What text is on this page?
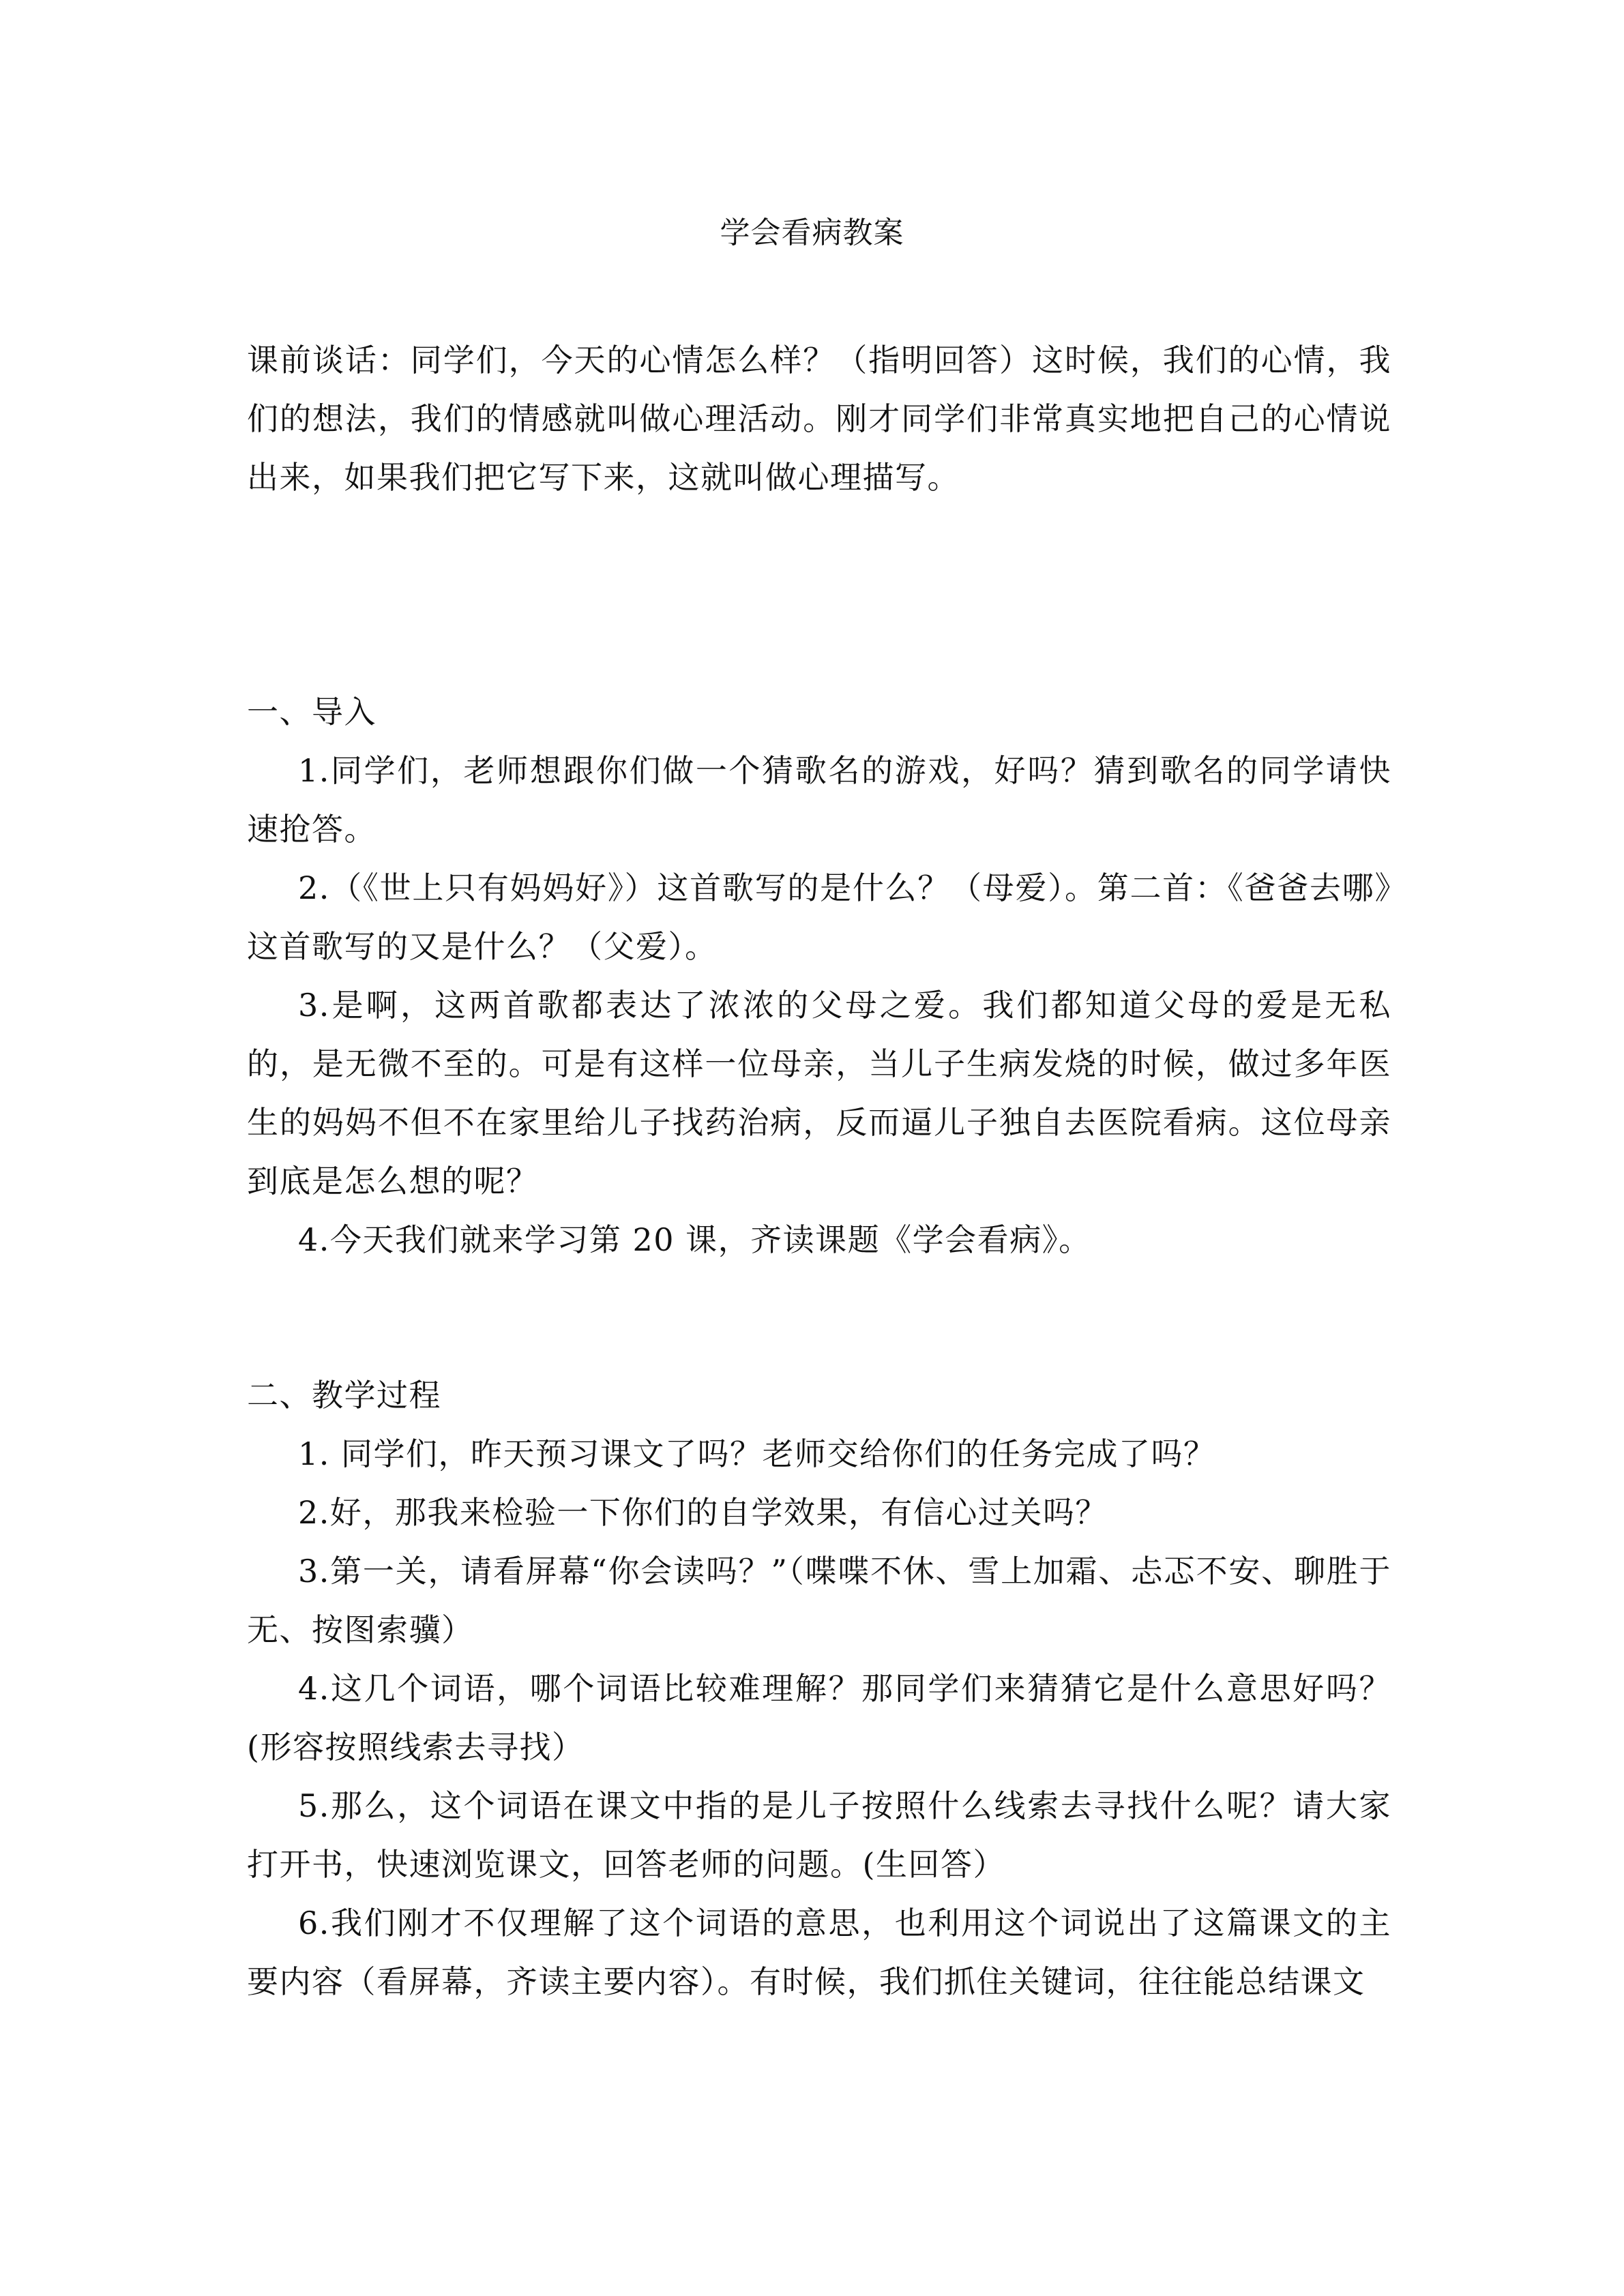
学会看病教案

课前谈话：同学们，今天的心情怎么样？（指明回答）这时候，我们的心情，我们的想法，我们的情感就叫做心理活动。刚才同学们非常真实地把自己的心情说出来，如果我们把它写下来，这就叫做心理描写。

一、导入

1.同学们，老师想跟你们做一个猜歌名的游戏，好吗？猜到歌名的同学请快速抢答。

2.（《世上只有妈妈好》）这首歌写的是什么？（母爱）。第二首：《爸爸去哪》这首歌写的又是什么？（父爱）。

3.是啊，这两首歌都表达了浓浓的父母之爱。我们都知道父母的爱是无私的，是无微不至的。可是有这样一位母亲，当儿子生病发烧的时候，做过多年医生的妈妈不但不在家里给儿子找药治病，反而逼儿子独自去医院看病。这位母亲到底是怎么想的呢？

4.今天我们就来学习第 20 课，齐读课题《学会看病》。

二、教学过程

1. 同学们，昨天预习课文了吗？老师交给你们的任务完成了吗？

2.好，那我来检验一下你们的自学效果，有信心过关吗？

3.第一关，请看屏幕“你会读吗？”（喋喋不休、雪上加霜、忐忑不安、聊胜于无、按图索骥）

4.这几个词语，哪个词语比较难理解？那同学们来猜猜它是什么意思好吗？(形容按照线索去寻找）

5.那么，这个词语在课文中指的是儿子按照什么线索去寻找什么呢？请大家打开书，快速浏览课文，回答老师的问题。(生回答）

6.我们刚才不仅理解了这个词语的意思，也利用这个词说出了这篇课文的主要内容（看屏幕，齐读主要内容）。有时候，我们抓住关键词，往往能总结课文
